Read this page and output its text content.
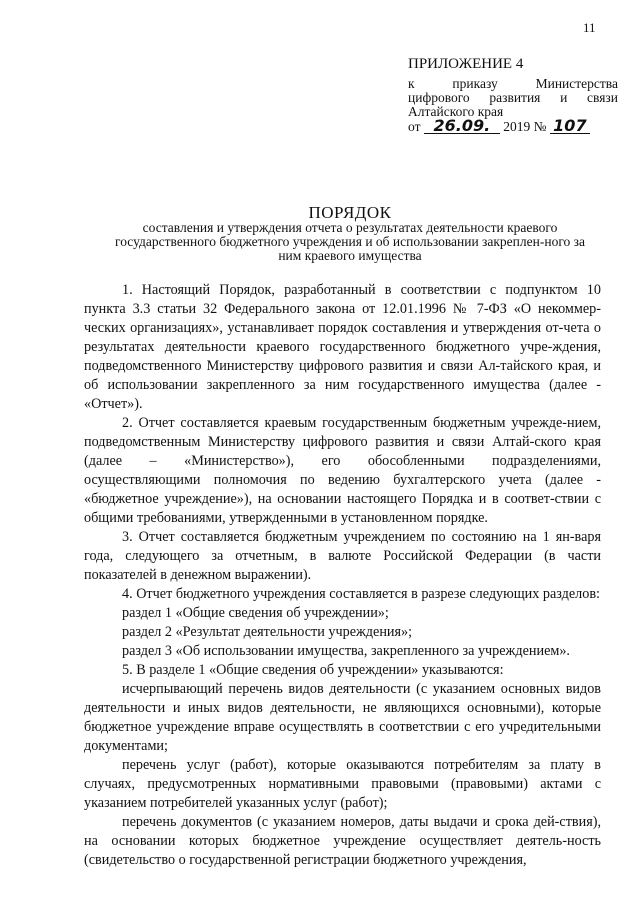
11
ПРИЛОЖЕНИЕ 4
к приказу Министерства
цифрового развития и связи
Алтайского края
от 26.09. 2019 № 107
ПОРЯДОК
составления и утверждения отчета о результатах деятельности краевого государственного бюджетного учреждения и об использовании закреплен-ного за ним краевого имущества

1. Настоящий Порядок, разработанный в соответствии с подпунктом 10 пункта 3.3 статьи 32 Федерального закона от 12.01.1996 № 7-ФЗ «О некоммер-ческих организациях», устанавливает порядок составления и утверждения от-чета о результатах деятельности краевого государственного бюджетного учре-ждения, подведомственного Министерству цифрового развития и связи Ал-тайского края, и об использовании закрепленного за ним государственного имущества (далее - «Отчет»).

2. Отчет составляется краевым государственным бюджетным учрежде-нием, подведомственным Министерству цифрового развития и связи Алтай-ского края (далее – «Министерство»), его обособленными подразделениями, осуществляющими полномочия по ведению бухгалтерского учета (далее - «бюджетное учреждение»), на основании настоящего Порядка и в соответ-ствии с общими требованиями, утвержденными в установленном порядке.

3. Отчет составляется бюджетным учреждением по состоянию на 1 ян-варя года, следующего за отчетным, в валюте Российской Федерации (в части показателей в денежном выражении).

4. Отчет бюджетного учреждения составляется в разрезе следующих разделов:

раздел 1 «Общие сведения об учреждении»;

раздел 2 «Результат деятельности учреждения»;

раздел 3 «Об использовании имущества, закрепленного за учреждением».

5. В разделе 1 «Общие сведения об учреждении» указываются:

исчерпывающий перечень видов деятельности (с указанием основных видов деятельности и иных видов деятельности, не являющихся основными), которые бюджетное учреждение вправе осуществлять в соответствии с его учредительными документами;

перечень услуг (работ), которые оказываются потребителям за плату в случаях, предусмотренных нормативными правовыми (правовыми) актами с указанием потребителей указанных услуг (работ);

перечень документов (с указанием номеров, даты выдачи и срока дей-ствия), на основании которых бюджетное учреждение осуществляет деятель-ность (свидетельство о государственной регистрации бюджетного учреждения,
